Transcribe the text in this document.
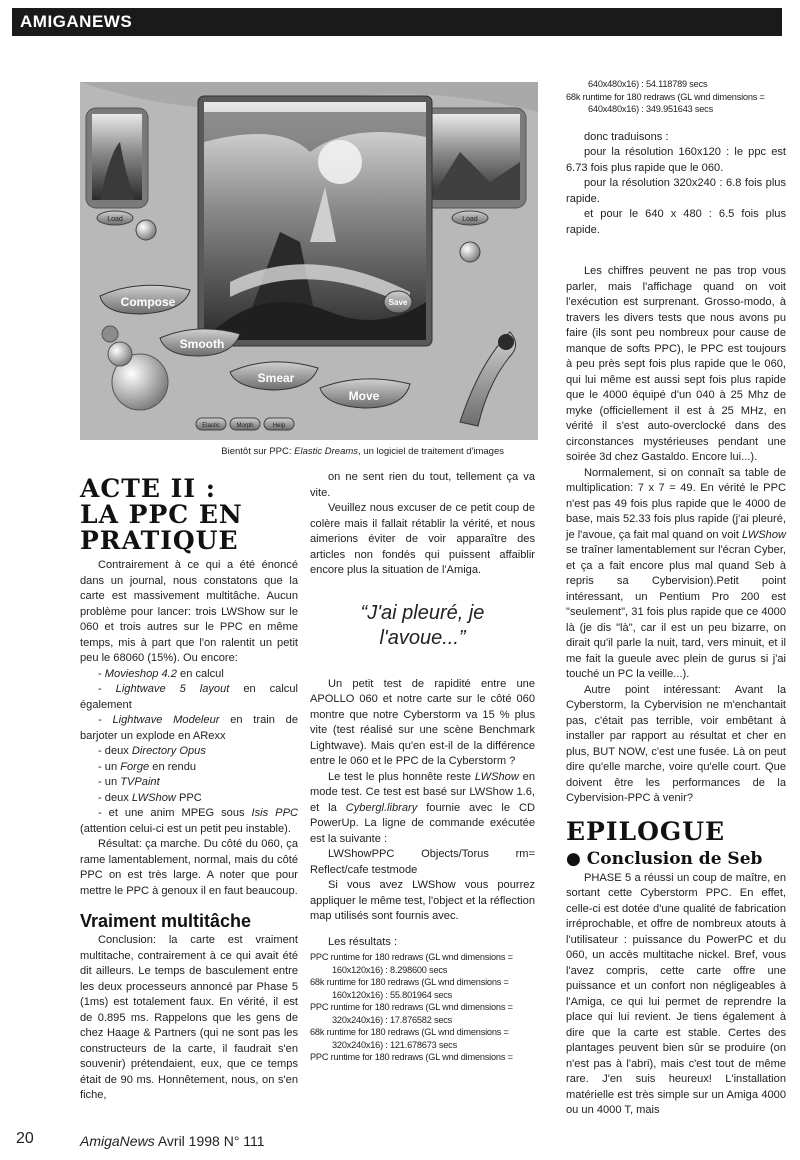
AMIGANEWS
Load	Load
Compose
Smooth
Smear
Move
Save
Elastic	Morph	Help
Bientôt sur PPC: Elastic Dreams, un logiciel de traitement d'images
ACTE II :
LA PPC EN
PRATIQUE

Contrairement à ce qui a été énoncé dans un journal, nous constatons que la carte est massivement multitâche. Aucun problème pour lancer: trois LWShow sur le 060 et trois autres sur le PPC en même temps, mis à part que l'on ralentit un petit peu le 68060 (15%). Ou encore:

- Movieshop 4.2 en calcul

- Lightwave 5 layout en calcul également

- Lightwave Modeleur en train de barjoter un explode en ARexx

- deux Directory Opus

- un Forge en rendu

- un TVPaint

- deux LWShow PPC

- et une anim MPEG sous Isis PPC (attention celui-ci est un petit peu instable).

Résultat: ça marche. Du côté du 060, ça rame lamentablement, normal, mais du côté PPC on est très large. A noter que pour mettre le PPC à genoux il en faut beaucoup.

Vraiment multitâche

Conclusion: la carte est vraiment multitache, contrairement à ce qui avait été dit ailleurs. Le temps de basculement entre les deux processeurs annoncé par Phase 5 (1ms) est totalement faux. En vérité, il est de 0.895 ms. Rappelons que les gens de chez Haage & Partners (qui ne sont pas les constructeurs de la carte, il faudrait s'en souvenir) prétendaient, eux, que ce temps était de 90 ms. Honnêtement, nous, on s'en fiche,

on ne sent rien du tout, tellement ça va vite.

Veuillez nous excuser de ce petit coup de colère mais il fallait rétablir la vérité, et nous aimerions éviter de voir apparaître des articles non fondés qui puissent affaiblir encore plus la situation de l'Amiga.

“J'ai pleuré, je
l'avoue...”

Un petit test de rapidité entre une APOLLO 060 et notre carte sur le côté 060 montre que notre Cyberstorm va 15 % plus vite (test réalisé sur une scène Benchmark Lightwave). Mais qu'en est-il de la différence entre le 060 et le PPC de la Cyberstorm ?

Le test le plus honnête reste LWShow en mode test. Ce test est basé sur LWShow 1.6, et la Cybergl.library fournie avec le CD PowerUp. La ligne de commande exécutée est la suivante :

LWShowPPC Objects/Torus rm= Reflect/cafe testmode

Si vous avez LWShow vous pourrez appliquer le même test, l'object et la réflection map utilisés sont fournis avec.

Les résultats :

PPC runtime for 180 redraws (GL wnd dimensions =
160x120x16) : 8.298600 secs
68k runtime for 180 redraws (GL wnd dimensions =
160x120x16) : 55.801964 secs
PPC runtime for 180 redraws (GL wnd dimensions =
320x240x16) : 17.876582 secs
68k runtime for 180 redraws (GL wnd dimensions =
320x240x16) : 121.678673 secs
PPC runtime for 180 redraws (GL wnd dimensions =
640x480x16) : 54.118789 secs
68k runtime for 180 redraws (GL wnd dimensions =
640x480x16) : 349.951643 secs

donc traduisons :

pour la résolution 160x120 : le ppc est 6.73 fois plus rapide que le 060.

pour la résolution 320x240 : 6.8 fois plus rapide.

et pour le 640 x 480 : 6.5 fois plus rapide.

Les chiffres peuvent ne pas trop vous parler, mais l'affichage quand on voit l'exécution est surprenant. Grosso-modo, à travers les divers tests que nous avons pu faire (ils sont peu nombreux pour cause de manque de softs PPC), le PPC est toujours à peu près sept fois plus rapide que le 060, qui lui même est aussi sept fois plus rapide que le 4000 équipé d'un 040 à 25 Mhz de myke (officiellement il est à 25 MHz, en vérité il s'est auto-overclocké dans des circonstances mystérieuses pendant une soirée 3d chez Gastaldo. Encore lui...).

Normalement, si on connaît sa table de multiplication: 7 x 7 = 49. En vérité le PPC n'est pas 49 fois plus rapide que le 4000 de base, mais 52.33 fois plus rapide (j'ai pleuré, je l'avoue, ça fait mal quand on voit LWShow se traîner lamentablement sur l'écran Cyber, et ça a fait encore plus mal quand Seb à repris sa Cybervision).Petit point intéressant, un Pentium Pro 200 est "seulement", 31 fois plus rapide que ce 4000 là (je dis "là", car il est un peu bizarre, on dirait qu'il parle la nuit, tard, vers minuit, et il me fait la gueule avec plein de gurus si j'ai touché un PC la veille...).

Autre point intéressant: Avant la Cyberstorm, la Cybervision ne m'enchantait pas, c'était pas terrible, voir embêtant à installer par rapport au résultat et cher en plus, BUT NOW, c'est une fusée. Là on peut dire qu'elle marche, voire qu'elle court. Que doivent être les performances de la Cybervision-PPC à venir?

EPILOGUE
● Conclusion de Seb

PHASE 5 a réussi un coup de maître, en sortant cette Cyberstorm PPC. En effet, celle-ci est dotée d'une qualité de fabrication irréprochable, et offre de nombreux atouts à l'utilisateur : puissance du PowerPC et du 060, un accès multitache nickel. Bref, vous l'avez compris, cette carte offre une puissance et un confort non négligeables à l'Amiga, ce qui lui permet de reprendre la place qui lui revient. Je tiens également à dire que la carte est stable. Certes des plantages peuvent bien sûr se produire (on n'est pas à l'abri), mais c'est tout de même rare. J'en suis heureux! L'installation matérielle est très simple sur un Amiga 4000 ou un 4000 T, mais

20	AmigaNews Avril 1998 N° 111
